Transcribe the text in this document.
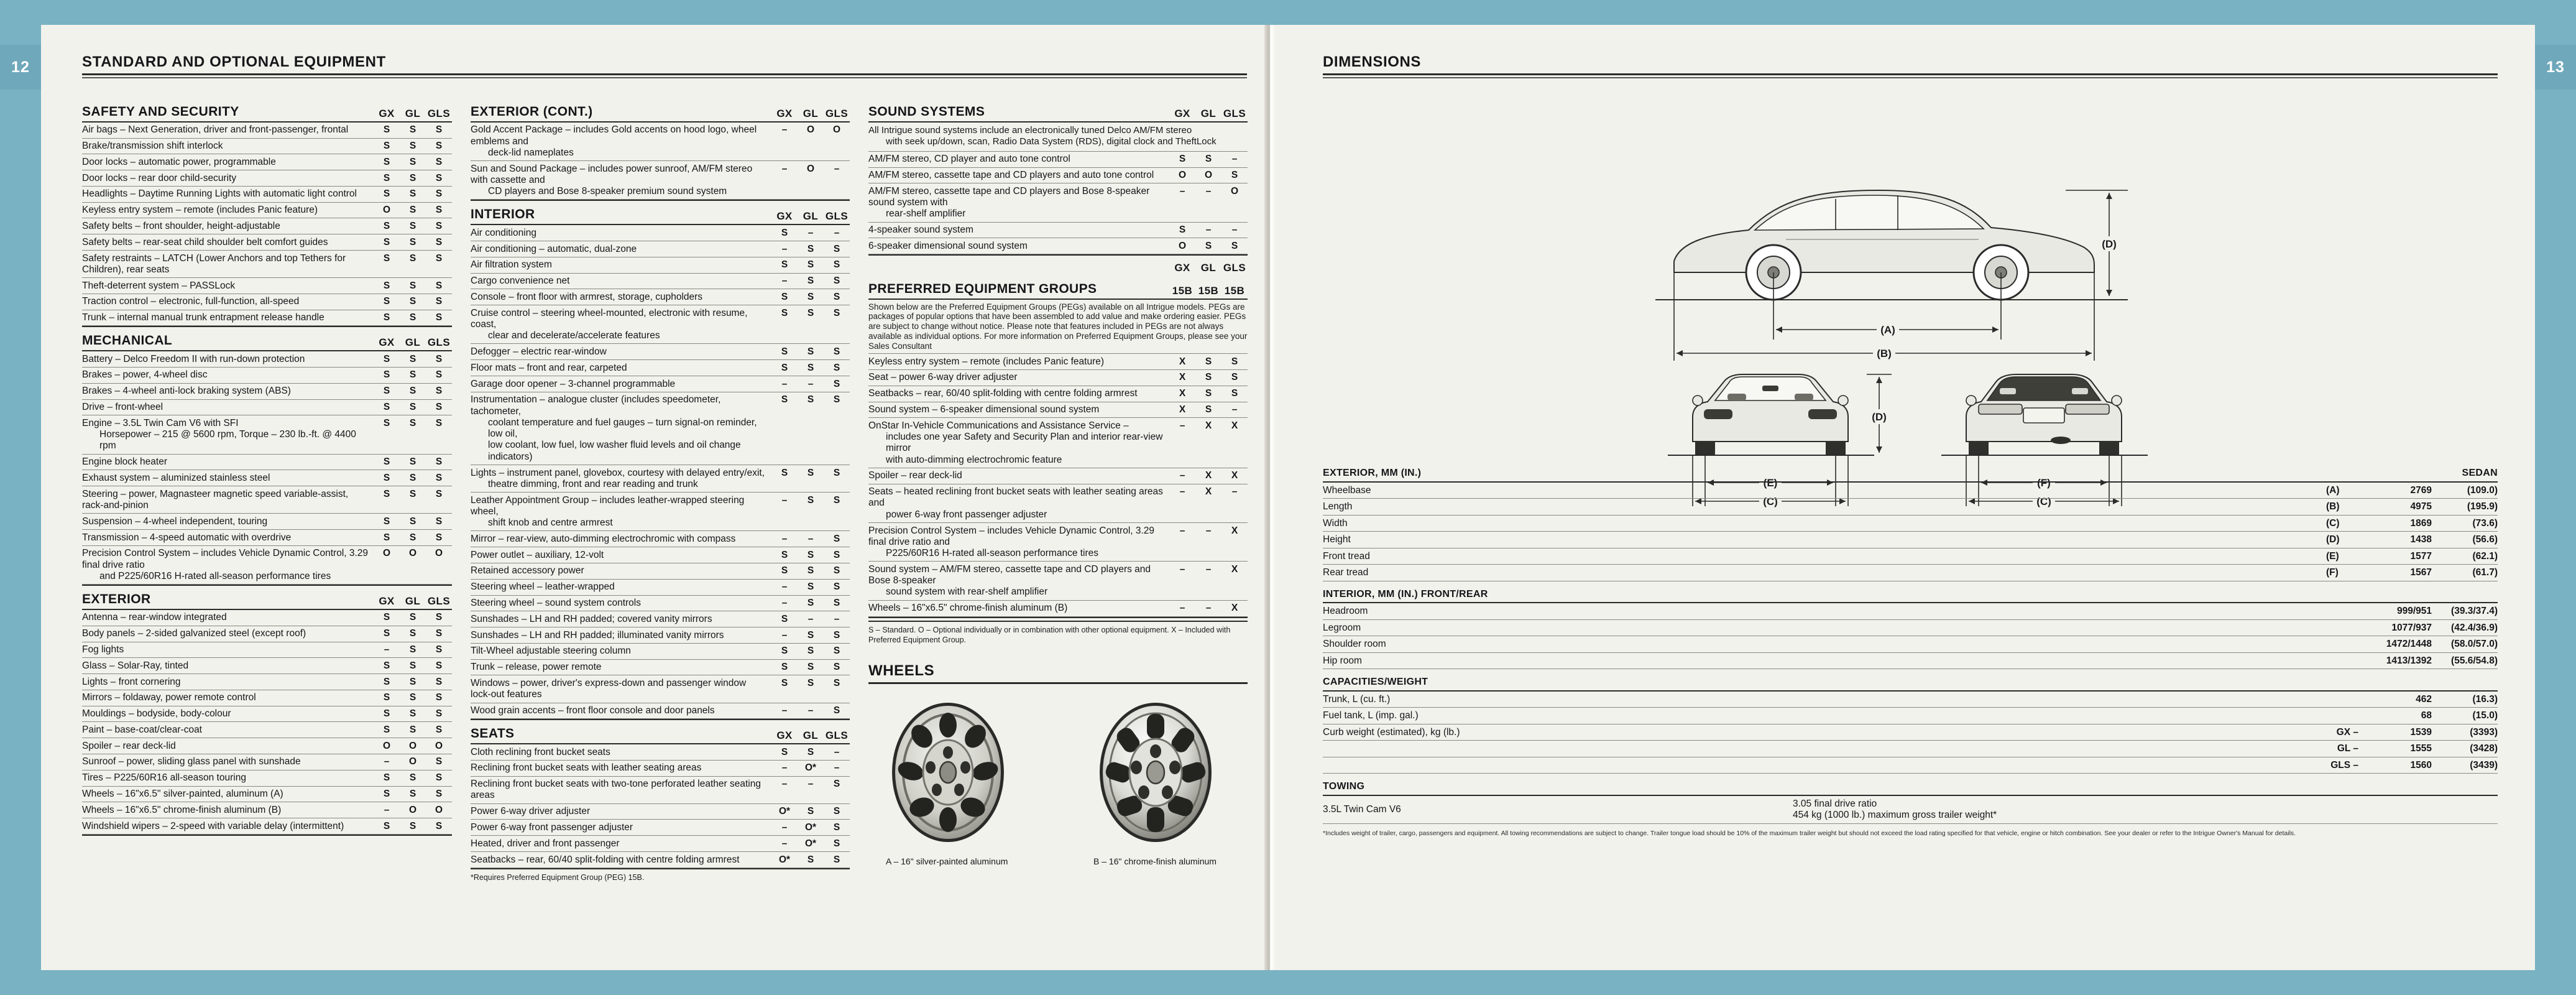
12	13
STANDARD AND OPTIONAL EQUIPMENT
SAFETY AND SECURITY	GX	GL	GLS

Air bags – Next Generation, driver and front-passenger, frontal	S	S	S
Brake/transmission shift interlock	S	S	S
Door locks – automatic power, programmable	S	S	S
Door locks – rear door child-security	S	S	S
Headlights – Daytime Running Lights with automatic light control	S	S	S
Keyless entry system – remote (includes Panic feature)	O	S	S
Safety belts – front shoulder, height-adjustable	S	S	S
Safety belts – rear-seat child shoulder belt comfort guides	S	S	S
Safety restraints – LATCH (Lower Anchors and top Tethers for Children), rear seats	S	S	S
Theft-deterrent system – PASSLock	S	S	S
Traction control – electronic, full-function, all-speed	S	S	S
Trunk – internal manual trunk entrapment release handle	S	S	S

MECHANICAL	GX	GL	GLS

Battery – Delco Freedom II with run-down protection	S	S	S
Brakes – power, 4-wheel disc	S	S	S
Brakes – 4-wheel anti-lock braking system (ABS)	S	S	S
Drive – front-wheel	S	S	S
Engine – 3.5L Twin Cam V6 with SFI
Horsepower – 215 @ 5600 rpm, Torque – 230 lb.-ft. @ 4400 rpm	S	S	S
Engine block heater	S	S	S
Exhaust system – aluminized stainless steel	S	S	S
Steering – power, Magnasteer magnetic speed variable-assist, rack-and-pinion	S	S	S
Suspension – 4-wheel independent, touring	S	S	S
Transmission – 4-speed automatic with overdrive	S	S	S
Precision Control System – includes Vehicle Dynamic Control, 3.29 final drive ratio
and P225/60R16 H-rated all-season performance tires	O	O	O

EXTERIOR	GX	GL	GLS

Antenna – rear-window integrated	S	S	S
Body panels – 2-sided galvanized steel (except roof)	S	S	S
Fog lights	–	S	S
Glass – Solar-Ray, tinted	S	S	S
Lights – front cornering	S	S	S
Mirrors – foldaway, power remote control	S	S	S
Mouldings – bodyside, body-colour	S	S	S
Paint – base-coat/clear-coat	S	S	S
Spoiler – rear deck-lid	O	O	O
Sunroof – power, sliding glass panel with sunshade	–	O	S
Tires – P225/60R16 all-season touring	S	S	S
Wheels – 16"x6.5" silver-painted, aluminum (A)	S	S	S
Wheels – 16"x6.5" chrome-finish aluminum (B)	–	O	O
Windshield wipers – 2-speed with variable delay (intermittent)	S	S	S

EXTERIOR (CONT.)	GX	GL	GLS

Gold Accent Package – includes Gold accents on hood logo, wheel emblems and
deck-lid nameplates	–	O	O
Sun and Sound Package – includes power sunroof, AM/FM stereo with cassette and
CD players and Bose 8-speaker premium sound system	–	O	–

INTERIOR	GX	GL	GLS

Air conditioning	S	–	–
Air conditioning – automatic, dual-zone	–	S	S
Air filtration system	S	S	S
Cargo convenience net	–	S	S
Console – front floor with armrest, storage, cupholders	S	S	S
Cruise control – steering wheel-mounted, electronic with resume, coast,
clear and decelerate/accelerate features	S	S	S
Defogger – electric rear-window	S	S	S
Floor mats – front and rear, carpeted	S	S	S
Garage door opener – 3-channel programmable	–	–	S
Instrumentation – analogue cluster (includes speedometer, tachometer,
coolant temperature and fuel gauges – turn signal-on reminder, low oil,
low coolant, low fuel, low washer fluid levels and oil change indicators)	S	S	S
Lights – instrument panel, glovebox, courtesy with delayed entry/exit,
theatre dimming, front and rear reading and trunk	S	S	S
Leather Appointment Group – includes leather-wrapped steering wheel,
shift knob and centre armrest	–	S	S
Mirror – rear-view, auto-dimming electrochromic with compass	–	–	S
Power outlet – auxiliary, 12-volt	S	S	S
Retained accessory power	S	S	S
Steering wheel – leather-wrapped	–	S	S
Steering wheel – sound system controls	–	S	S
Sunshades – LH and RH padded; covered vanity mirrors	S	–	–
Sunshades – LH and RH padded; illuminated vanity mirrors	–	S	S
Tilt-Wheel adjustable steering column	S	S	S
Trunk – release, power remote	S	S	S
Windows – power, driver's express-down and passenger window lock-out features	S	S	S
Wood grain accents – front floor console and door panels	–	–	S

SEATS	GX	GL	GLS

Cloth reclining front bucket seats	S	S	–
Reclining front bucket seats with leather seating areas	–	O*	–
Reclining front bucket seats with two-tone perforated leather seating areas	–	–	S
Power 6-way driver adjuster	O*	S	S
Power 6-way front passenger adjuster	–	O*	S
Heated, driver and front passenger	–	O*	S
Seatbacks – rear, 60/40 split-folding with centre folding armrest	O*	S	S

*Requires Preferred Equipment Group (PEG) 15B.
SOUND SYSTEMS	GX	GL	GLS

All Intrigue sound systems include an electronically tuned Delco AM/FM stereo
with seek up/down, scan, Radio Data System (RDS), digital clock and TheftLock			

AM/FM stereo, CD player and auto tone control	S	S	–
AM/FM stereo, cassette tape and CD players and auto tone control	O	O	S
AM/FM stereo, cassette tape and CD players and Bose 8-speaker sound system with
rear-shelf amplifier	–	–	O
4-speaker sound system	S	–	–
6-speaker dimensional sound system	O	S	S

	GX	GL	GLS
PREFERRED EQUIPMENT GROUPS	15B	15B	15B

Shown below are the Preferred Equipment Groups (PEGs) available on all Intrigue models. PEGs are packages of popular options that have been assembled to add value and make ordering easier. PEGs are subject to change without notice. Please note that features included in PEGs are not always available as individual options. For more information on Preferred Equipment Groups, please see your Sales Consultant			
Keyless entry system – remote (includes Panic feature)	X	S	S
Seat – power 6-way driver adjuster	X	S	S
Seatbacks – rear, 60/40 split-folding with centre folding armrest	X	S	S
Sound system – 6-speaker dimensional sound system	X	S	–
OnStar In-Vehicle Communications and Assistance Service –
includes one year Safety and Security Plan and interior rear-view mirror
with auto-dimming electrochromic feature	–	X	X
Spoiler – rear deck-lid	–	X	X
Seats – heated reclining front bucket seats with leather seating areas and
power 6-way front passenger adjuster	–	X	–
Precision Control System – includes Vehicle Dynamic Control, 3.29 final drive ratio and
P225/60R16 H-rated all-season performance tires	–	–	X
Sound system – AM/FM stereo, cassette tape and CD players and Bose 8-speaker
sound system with rear-shelf amplifier	–	–	X
Wheels – 16"x6.5" chrome-finish aluminum (B)	–	–	X

S – Standard. O – Optional individually or in combination with other optional equipment. X – Included with Preferred Equipment Group.
WHEELS
A – 16" silver-painted aluminum	B – 16" chrome-finish aluminum
DIMENSIONS
(A)
(B)
(D)
(D)
(E)
(C)
(F)
(C)
EXTERIOR, MM (IN.)		SEDAN	
Wheelbase	(A)	2769	(109.0)
Length	(B)	4975	(195.9)
Width	(C)	1869	(73.6)
Height	(D)	1438	(56.6)
Front tread	(E)	1577	(62.1)
Rear tread	(F)	1567	(61.7)
INTERIOR, MM (IN.) FRONT/REAR		
Headroom	999/951	(39.3/37.4)
Legroom	1077/937	(42.4/36.9)
Shoulder room	1472/1448	(58.0/57.0)
Hip room	1413/1392	(55.6/54.8)
CAPACITIES/WEIGHT			
Trunk, L (cu. ft.)		462	(16.3)
Fuel tank, L (imp. gal.)		68	(15.0)
Curb weight (estimated), kg (lb.)	GX –	1539	(3393)
	GL –	1555	(3428)
	GLS –	1560	(3439)
TOWING
3.5L Twin Cam V6	3.05 final drive ratio
454 kg (1000 lb.) maximum gross trailer weight*
*Includes weight of trailer, cargo, passengers and equipment. All towing recommendations are subject to change. Trailer tongue load should be 10% of the maximum trailer weight but should not exceed the load rating specified for that vehicle, engine or hitch combination. See your dealer or refer to the Intrigue Owner's Manual for details.
